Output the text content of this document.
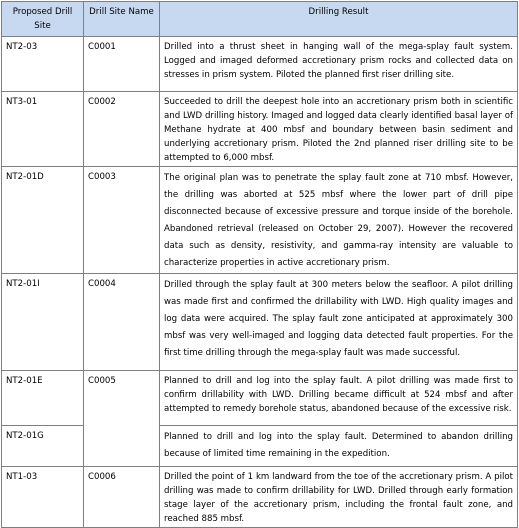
Proposed Drill Site	Drill Site Name	Drilling Result
NT2-03	C0001	Drilled into a thrust sheet in hanging wall of the mega-splay fault system. Logged and imaged deformed accretionary prism rocks and collected data on stresses in prism system. Piloted the planned first riser drilling site.
NT3-01	C0002	Succeeded to drill the deepest hole into an accretionary prism both in scientific and LWD drilling history. Imaged and logged data clearly identified basal layer of Methane hydrate at 400 mbsf and boundary between basin sediment and underlying accretionary prism. Piloted the 2nd planned riser drilling site to be attempted to 6,000 mbsf.
NT2-01D	C0003	The original plan was to penetrate the splay fault zone at 710 mbsf. However, the drilling was aborted at 525 mbsf where the lower part of drill pipe disconnected because of excessive pressure and torque inside of the borehole. Abandoned retrieval (released on October 29, 2007). However the recovered data such as density, resistivity, and gamma-ray intensity are valuable to characterize properties in active accretionary prism.
NT2-01I	C0004	Drilled through the splay fault at 300 meters below the seafloor. A pilot drilling was made first and confirmed the drillability with LWD. High quality images and log data were acquired. The splay fault zone anticipated at approximately 300 mbsf was very well-imaged and logging data detected fault properties. For the first time drilling through the mega-splay fault was made successful.
NT2-01E	C0005	Planned to drill and log into the splay fault. A pilot drilling was made first to confirm drillability with LWD. Drilling became difficult at 524 mbsf and after attempted to remedy borehole status, abandoned because of the excessive risk.
NT2-01G		Planned to drill and log into the splay fault. Determined to abandon drilling because of limited time remaining in the expedition.
NT1-03	C0006	Drilled the point of 1 km landward from the toe of the accretionary prism. A pilot drilling was made to confirm drillability for LWD. Drilled through early formation stage layer of the accretionary prism, including the frontal fault zone, and reached 885 mbsf.
